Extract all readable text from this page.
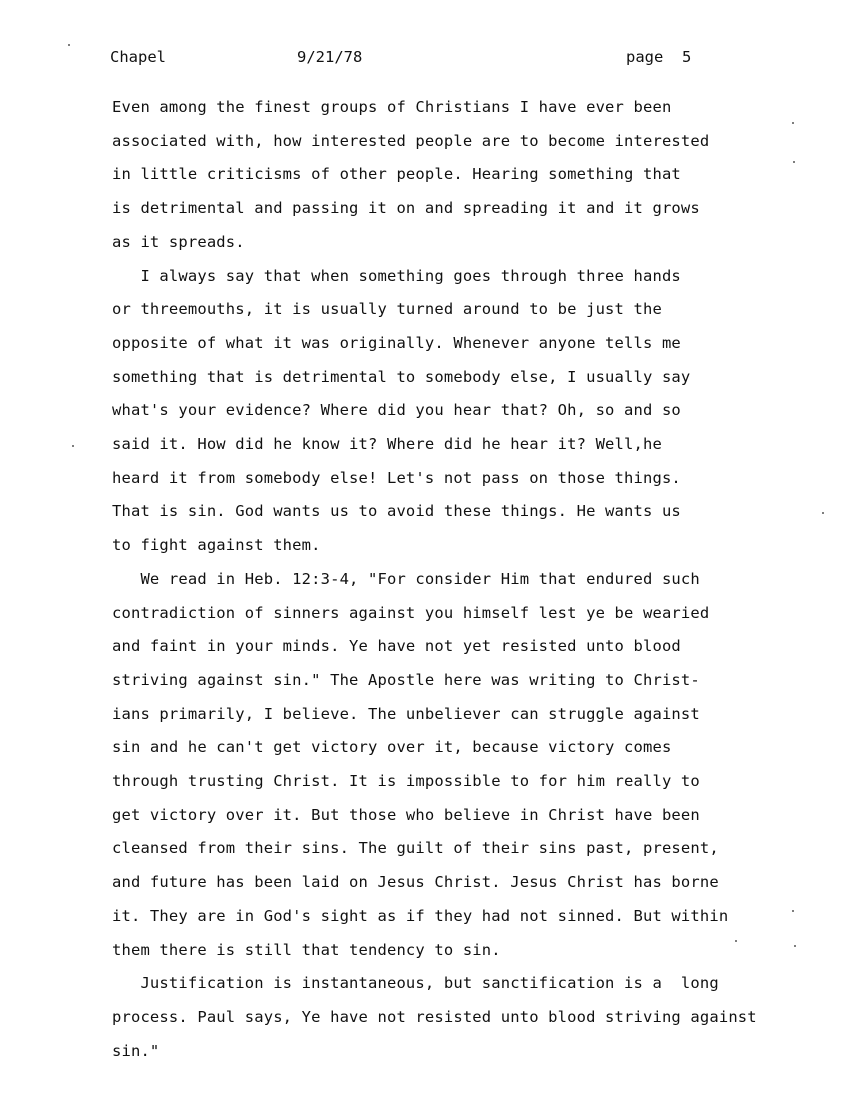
Chapel	9/21/78	page  5
Even among the finest groups of Christians I have ever been
associated with, how interested people are to become interested
in little criticisms of other people. Hearing something that
is detrimental and passing it on and spreading it and it grows
as it spreads.
I always say that when something goes through three hands
or threemouths, it is usually turned around to be just the
opposite of what it was originally. Whenever anyone tells me
something that is detrimental to somebody else, I usually say
what's your evidence? Where did you hear that? Oh, so and so
said it. How did he know it? Where did he hear it? Well,he
heard it from somebody else! Let's not pass on those things.
That is sin. God wants us to avoid these things. He wants us
to fight against them.
We read in Heb. 12:3-4, "For consider Him that endured such
contradiction of sinners against you himself lest ye be wearied
and faint in your minds. Ye have not yet resisted unto blood
striving against sin." The Apostle here was writing to Christ-
ians primarily, I believe. The unbeliever can struggle against
sin and he can't get victory over it, because victory comes
through trusting Christ. It is impossible to for him really to
get victory over it. But those who believe in Christ have been
cleansed from their sins. The guilt of their sins past, present,
and future has been laid on Jesus Christ. Jesus Christ has borne
it. They are in God's sight as if they had not sinned. But within
them there is still that tendency to sin.
Justification is instantaneous, but sanctification is a  long
process. Paul says, Ye have not resisted unto blood striving against
sin."
